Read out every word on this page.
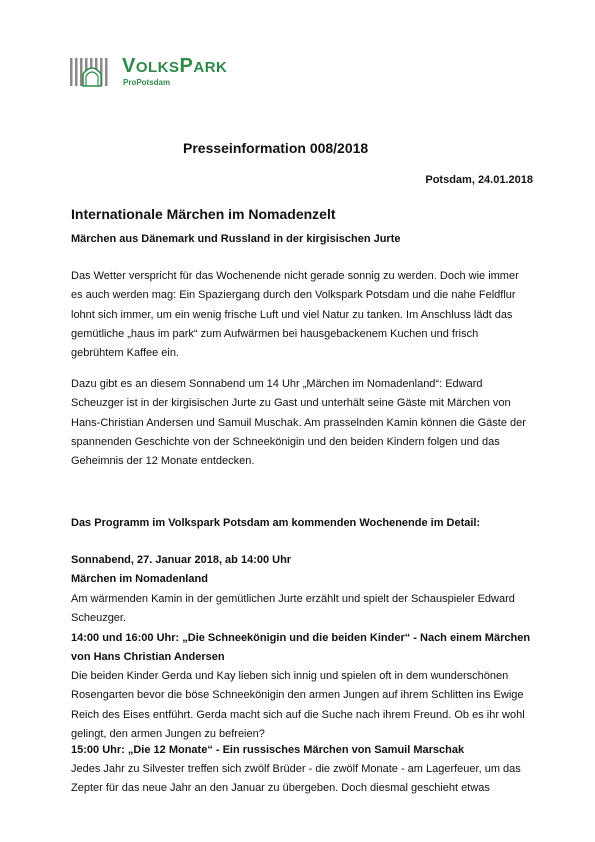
VOLKSPARK
ProPotsdam
Presseinformation 008/2018
Potsdam, 24.01.2018
Internationale Märchen im Nomadenzelt
Märchen aus Dänemark und Russland in der kirgisischen Jurte
Das Wetter verspricht für das Wochenende nicht gerade sonnig zu werden. Doch wie immer es auch werden mag: Ein Spaziergang durch den Volkspark Potsdam und die nahe Feldflur lohnt sich immer, um ein wenig frische Luft und viel Natur zu tanken. Im Anschluss lädt das gemütliche „haus im park“ zum Aufwärmen bei hausgebackenem Kuchen und frisch gebrühtem Kaffee ein.
Dazu gibt es an diesem Sonnabend um 14 Uhr „Märchen im Nomadenland“: Edward Scheuzger ist in der kirgisischen Jurte zu Gast und unterhält seine Gäste mit Märchen von Hans-Christian Andersen und Samuil Muschak. Am prasselnden Kamin können die Gäste der spannenden Geschichte von der Schneekönigin und den beiden Kindern folgen und das Geheimnis der 12 Monate entdecken.
Das Programm im Volkspark Potsdam am kommenden Wochenende im Detail:
Sonnabend, 27. Januar 2018, ab 14:00 Uhr
Märchen im Nomadenland
Am wärmenden Kamin in der gemütlichen Jurte erzählt und spielt der Schauspieler Edward Scheuzger.
14:00 und 16:00 Uhr: „Die Schneekönigin und die beiden Kinder“ - Nach einem Märchen von Hans Christian Andersen
Die beiden Kinder Gerda und Kay lieben sich innig und spielen oft in dem wunderschönen Rosengarten bevor die böse Schneekönigin den armen Jungen auf ihrem Schlitten ins Ewige Reich des Eises entführt. Gerda macht sich auf die Suche nach ihrem Freund. Ob es ihr wohl gelingt, den armen Jungen zu befreien?
15:00 Uhr: „Die 12 Monate“ - Ein russisches Märchen von Samuil Marschak
Jedes Jahr zu Silvester treffen sich zwölf Brüder - die zwölf Monate - am Lagerfeuer, um das Zepter für das neue Jahr an den Januar zu übergeben. Doch diesmal geschieht etwas
